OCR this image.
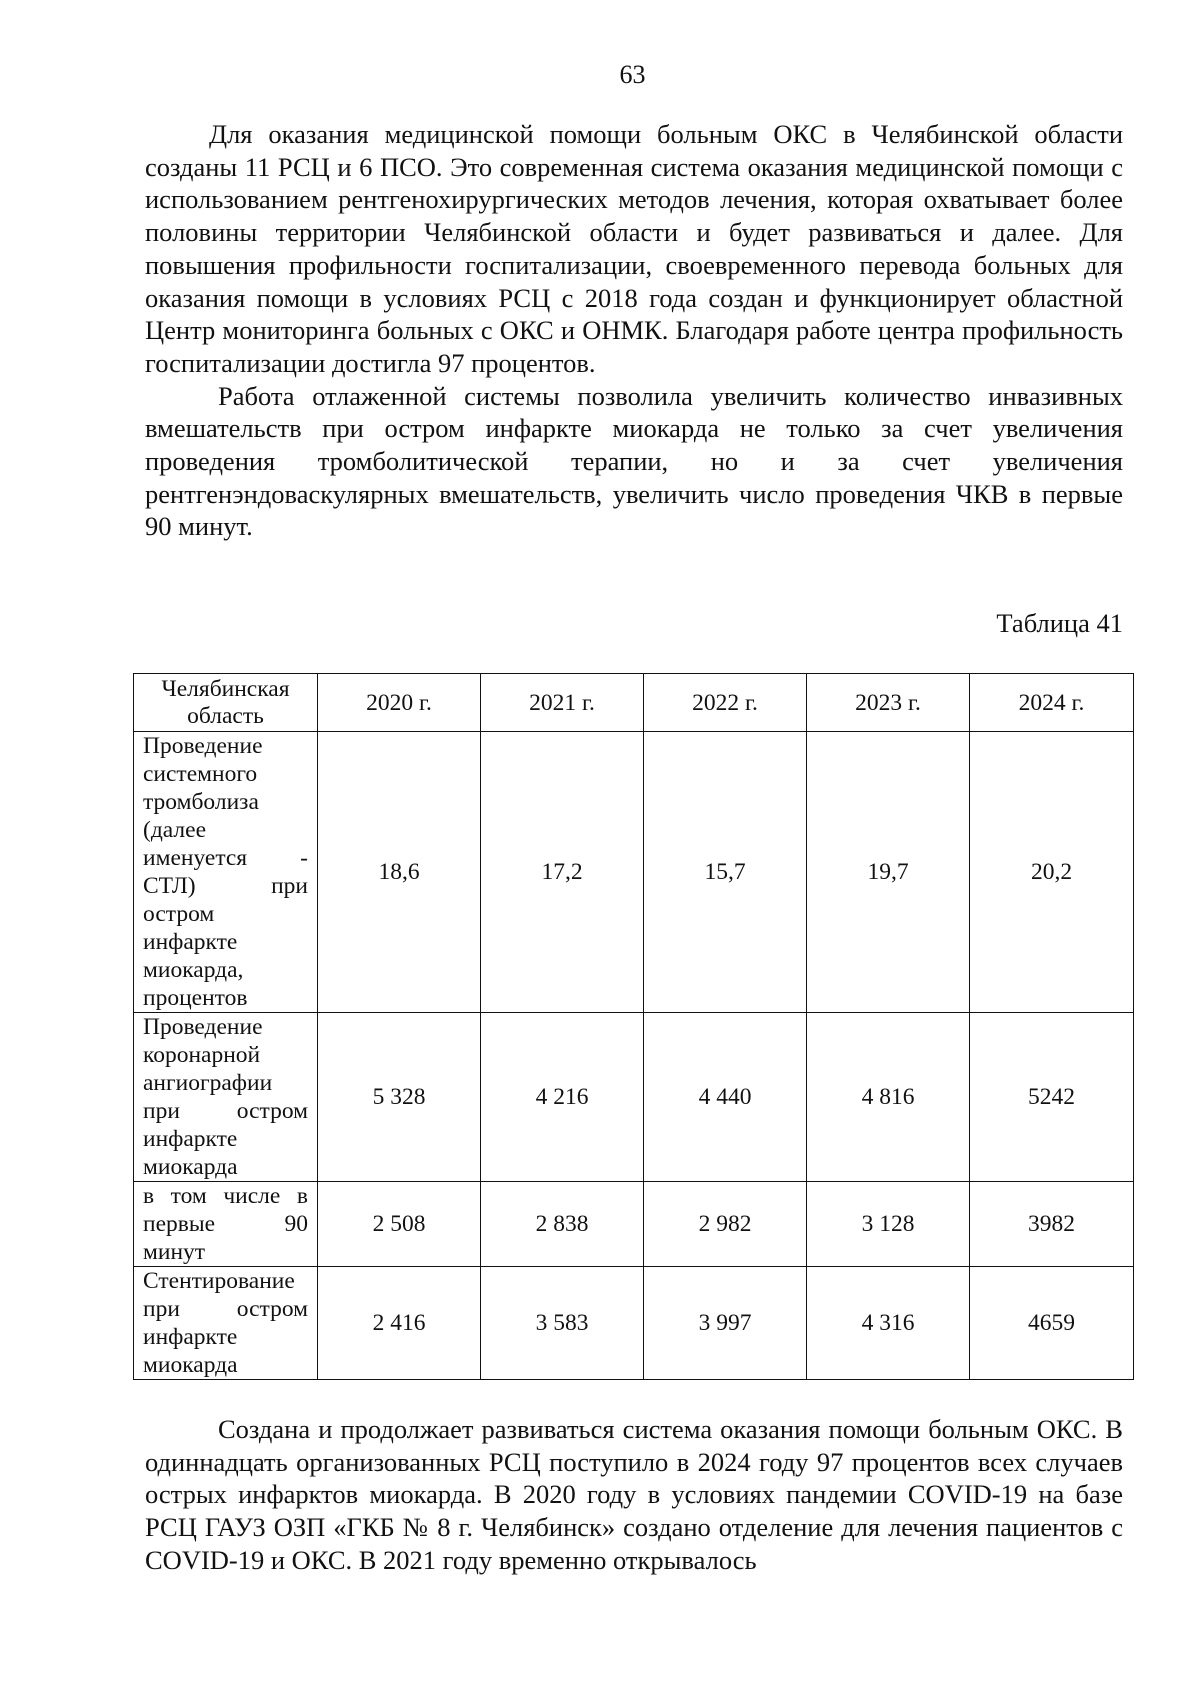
63

Для оказания медицинской помощи больным ОКС в Челябинской области созданы 11 РСЦ и 6 ПСО. Это современная система оказания медицинской помощи с использованием рентгенохирургических методов лечения, которая охватывает более половины территории Челябинской области и будет развиваться и далее. Для повышения профильности госпитализации, своевременного перевода больных для оказания помощи в условиях РСЦ с 2018 года создан и функционирует областной Центр мониторинга больных с ОКС и ОНМК. Благодаря работе центра профильность госпитализации достигла 97 процентов.

Работа отлаженной системы позволила увеличить количество инвазивных вмешательств при остром инфаркте миокарда не только за счет увеличения проведения тромболитической терапии, но и за счет увеличения рентгенэндоваскулярных вмешательств, увеличить число проведения ЧКВ в первые 90 минут.

Таблица 41
Челябинская область	2020 г.	2021 г.	2022 г.	2023 г.	2024 г.
Проведение системного тромболиза (далее именуется - СТЛ) при остром инфаркте миокарда, процентов	18,6	17,2	15,7	19,7	20,2
Проведение коронарной ангиографии при остром инфаркте миокарда	5 328	4 216	4 440	4 816	5242
в том числе в первые 90 минут	2 508	2 838	2 982	3 128	3982
Стентирование при остром инфаркте миокарда	2 416	3 583	3 997	4 316	4659

Создана и продолжает развиваться система оказания помощи больным ОКС. В одиннадцать организованных РСЦ поступило в 2024 году 97 процентов всех случаев острых инфарктов миокарда. В 2020 году в условиях пандемии COVID-19 на базе РСЦ ГАУЗ ОЗП «ГКБ № 8 г. Челябинск» создано отделение для лечения пациентов с COVID-19 и ОКС. В 2021 году временно открывалось
